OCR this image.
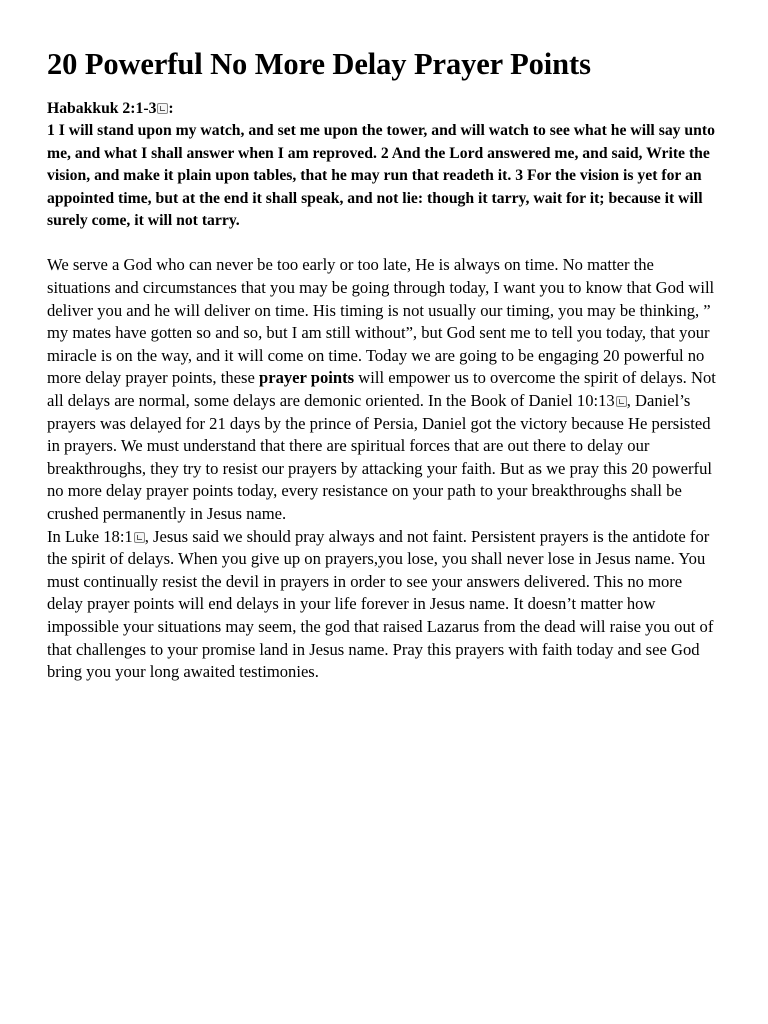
20 Powerful No More Delay Prayer Points
Habakkuk 2:1-3 :
1 I will stand upon my watch, and set me upon the tower, and will watch to see what he will say unto me, and what I shall answer when I am reproved. 2 And the Lord answered me, and said, Write the vision, and make it plain upon tables, that he may run that readeth it. 3 For the vision is yet for an appointed time, but at the end it shall speak, and not lie: though it tarry, wait for it; because it will surely come, it will not tarry.

We serve a God who can never be too early or too late, He is always on time. No matter the situations and circumstances that you may be going through today, I want you to know that God will deliver you and he will deliver on time. His timing is not usually our timing, you may be thinking, ” my mates have gotten so and so, but I am still without”, but God sent me to tell you today, that your miracle is on the way, and it will come on time. Today we are going to be engaging 20 powerful no more delay prayer points, these prayer points will empower us to overcome the spirit of delays. Not all delays are normal, some delays are demonic oriented. In the Book of Daniel 10:13 , Daniel’s prayers was delayed for 21 days by the prince of Persia, Daniel got the victory because He persisted in prayers. We must understand that there are spiritual forces that are out there to delay our breakthroughs, they try to resist our prayers by attacking your faith. But as we pray this 20 powerful no more delay prayer points today, every resistance on your path to your breakthroughs shall be crushed permanently in Jesus name.

In Luke 18:1 , Jesus said we should pray always and not faint. Persistent prayers is the antidote for the spirit of delays. When you give up on prayers,you lose, you shall never lose in Jesus name. You must continually resist the devil in prayers in order to see your answers delivered. This no more delay prayer points will end delays in your life forever in Jesus name. It doesn’t matter how impossible your situations may seem, the god that raised Lazarus from the dead will raise you out of that challenges to your promise land in Jesus name. Pray this prayers with faith today and see God bring you your long awaited testimonies.
